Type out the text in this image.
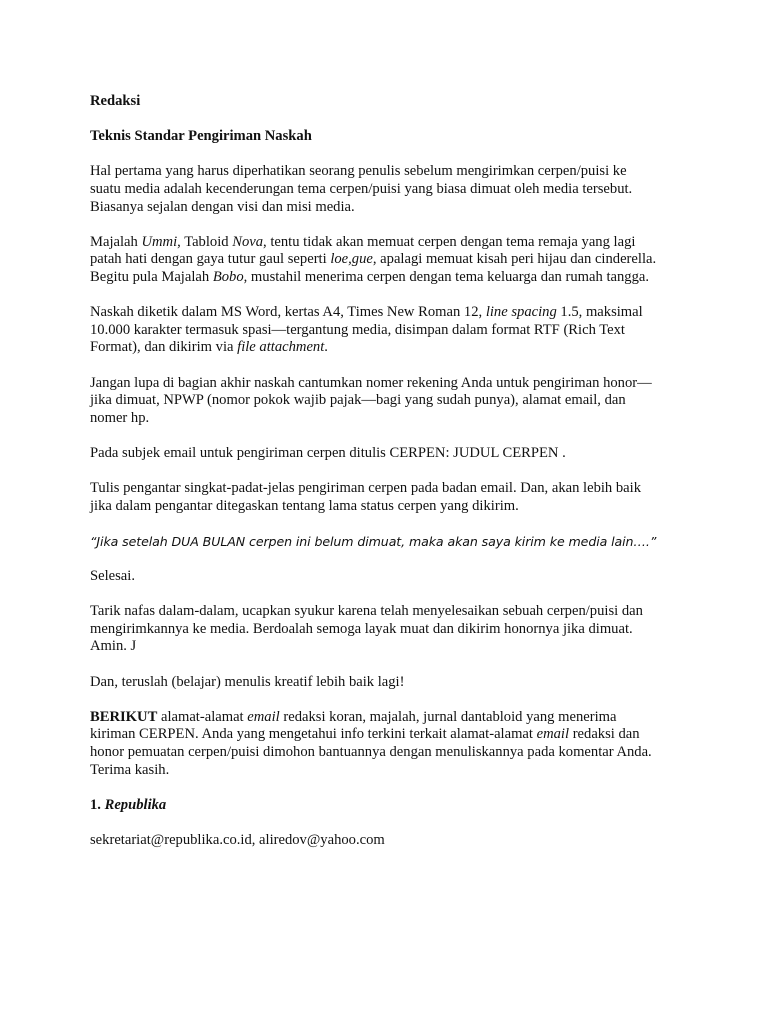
Redaksi

Teknis Standar Pengiriman Naskah

Hal pertama yang harus diperhatikan seorang penulis sebelum mengirimkan cerpen/puisi ke
suatu media adalah kecenderungan tema cerpen/puisi yang biasa dimuat oleh media tersebut.
Biasanya sejalan dengan visi dan misi media.

Majalah Ummi, Tabloid Nova, tentu tidak akan memuat cerpen dengan tema remaja yang lagi
patah hati dengan gaya tutur gaul seperti loe,gue, apalagi memuat kisah peri hijau dan cinderella.
Begitu pula Majalah Bobo, mustahil menerima cerpen dengan tema keluarga dan rumah tangga.

Naskah diketik dalam MS Word, kertas A4, Times New Roman 12, line spacing 1.5, maksimal
10.000 karakter termasuk spasi—tergantung media, disimpan dalam format RTF (Rich Text
Format), dan dikirim via file attachment.

Jangan lupa di bagian akhir naskah cantumkan nomer rekening Anda untuk pengiriman honor—
jika dimuat, NPWP (nomor pokok wajib pajak—bagi yang sudah punya), alamat email, dan
nomer hp.

Pada subjek email untuk pengiriman cerpen ditulis CERPEN: JUDUL CERPEN .

Tulis pengantar singkat-padat-jelas pengiriman cerpen pada badan email. Dan, akan lebih baik
jika dalam pengantar ditegaskan tentang lama status cerpen yang dikirim.

“Jika setelah DUA BULAN cerpen ini belum dimuat, maka akan saya kirim ke media lain….”

Selesai.

Tarik nafas dalam-dalam, ucapkan syukur karena telah menyelesaikan sebuah cerpen/puisi dan
mengirimkannya ke media. Berdoalah semoga layak muat dan dikirim honornya jika dimuat.
Amin. J

Dan, teruslah (belajar) menulis kreatif lebih baik lagi!

BERIKUT alamat-alamat email redaksi koran, majalah, jurnal dantabloid yang menerima
kiriman CERPEN. Anda yang mengetahui info terkini terkait alamat-alamat email redaksi dan
honor pemuatan cerpen/puisi dimohon bantuannya dengan menuliskannya pada komentar Anda.
Terima kasih.

1. Republika

sekretariat@republika.co.id, aliredov@yahoo.com
